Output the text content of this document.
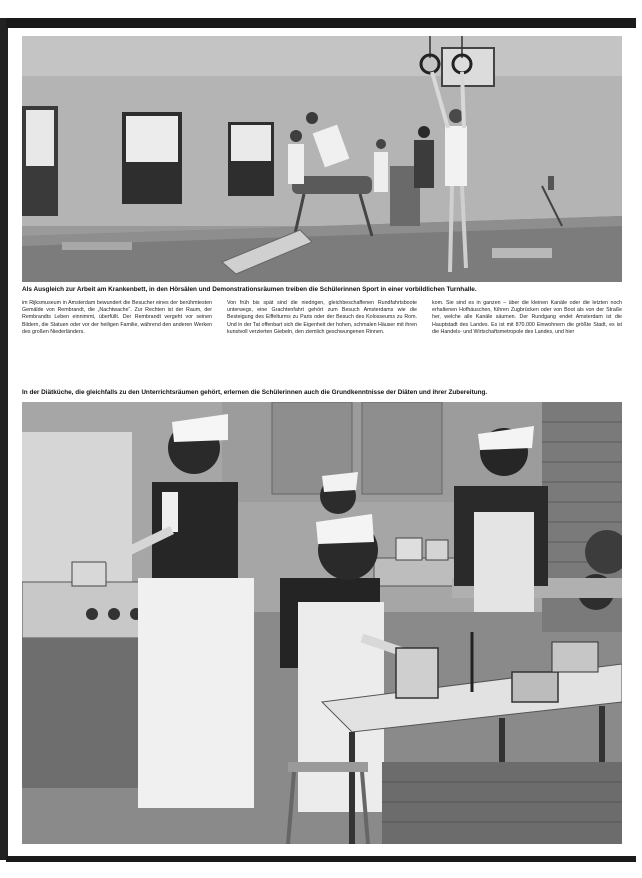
Als Ausgleich zur Arbeit am Krankenbett, in den Hörsälen und Demonstrationsräumen treiben die Schülerinnen Sport in einer vorbildlichen Turnhalle.
im Rijksmuseum in Amsterdam bewundert die Besucher eines der berühmtesten Gemälde von Rembrandt, die „Nachtwache“. Zur Rechten ist der Raum, der Rembrandts Leben einnimmt, überfüllt. Der Rembrandt vergeht vor seinen Bildern, die Statuen oder vor der heiligen Familie, während den anderen Werken des großen Niederländers.
Von früh bis spät sind die niedrigen, gleichbeschaffenen Rundfahrtsboote unterwegs, eine Grachtenfahrt gehört zum Besuch Amsterdams wie die Besteigung des Eiffelturms zu Paris oder der Besuch des Kolosseums zu Rom. Und in der Tat offenbart sich die Eigenheit der hohen, schmalen Häuser mit ihren kunstvoll verzierten Giebeln, den ziemlich geschwungenen Rinnen.
kom. Sie sind es in ganzen – über die kleinen Kanäle oder die letzten noch erhaltenen Hofhäuschen, führen Zugbrücken oder von Boot als von der Straße her, welche alle Kanäle säumen. Der Rundgang endet Amsterdam ist die Hauptstadt des Landes. Es ist mit 870.000 Einwohnern die größte Stadt, es ist die Handels- und Wirtschaftsmetropole des Landes, und hier
In der Diätküche, die gleichfalls zu den Unterrichtsräumen gehört, erlernen die Schülerinnen auch die Grundkenntnisse der Diäten und ihrer Zubereitung.
